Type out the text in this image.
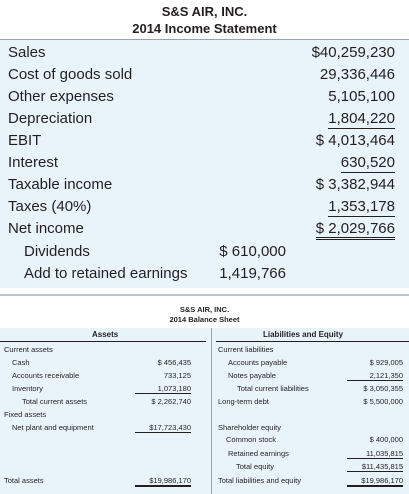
S&S AIR, INC.
2014 Income Statement
Sales	$40,259,230
Cost of goods sold	29,336,446
Other expenses	5,105,100
Depreciation	1,804,220
EBIT	$ 4,013,464
Interest	630,520
Taxable income	$ 3,382,944
Taxes (40%)	1,353,178
Net income	$ 2,029,766
Dividends	$ 610,000
Add to retained earnings 1,419,766
S&S AIR, INC.
2014 Balance Sheet
Assets	Liabilities and Equity
Current assets
Cash	$ 456,435
Accounts receivable	733,125
Inventory	1,073,180
Total current assets	$ 2,262,740
Fixed assets
Net plant and equipment	$17,723,430
Total assets	$19,986,170
Current liabilities
Accounts payable	$ 929,005
Notes payable	2,121,350
Total current liabilities	$ 3,050,355
Long-term debt	$ 5,500,000
Shareholder equity
Common stock	$ 400,000
Retained earnings	11,035,815
Total equity	$11,435,815
Total liabilities and equity	$19,986,170
